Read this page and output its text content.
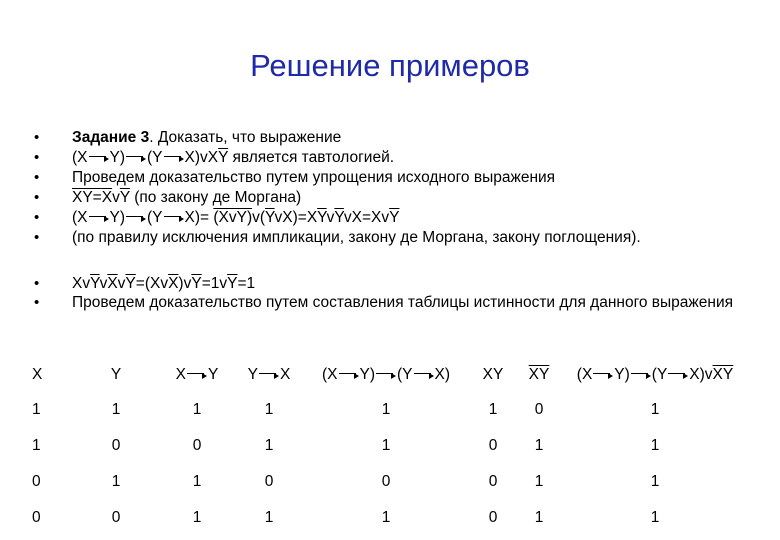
Решение примеров
• Задание 3. Доказать, что выражение
• (X Y) (Y $X)vX\overline{Y}$ является тавтологией.
• Проведем доказательство путем упрощения исходного выражения
• $XY=\overline{X}v\overline{Y}$ (по закону де Моргана)
• (X Y) (Y $X)= (XvY)v(\overline{Y}vX)=X\overline{Y}v\overline{Y}vX=Xv\overline{Y}$
• (по правилу исключения импликации, закону де Моргана, закону поглощения).
• $Xv\overline{Y}v\overline{X}v\overline{Y}=(Xv\overline{X})v\overline{Y}=1v\overline{Y}=1$
• Проведем доказательство путем составления таблицы истинности для данного выражения
X	Y	X Y	Y X	(X Y) (Y X)	XY	$\overline{XY}$	(X Y) (Y $X)v\overline{XY}$
1	1	1	1	1	1	0	1
1	0	0	1	1	0	1	1
0	1	1	0	0	0	1	1
0	0	1	1	1	0	1	1
